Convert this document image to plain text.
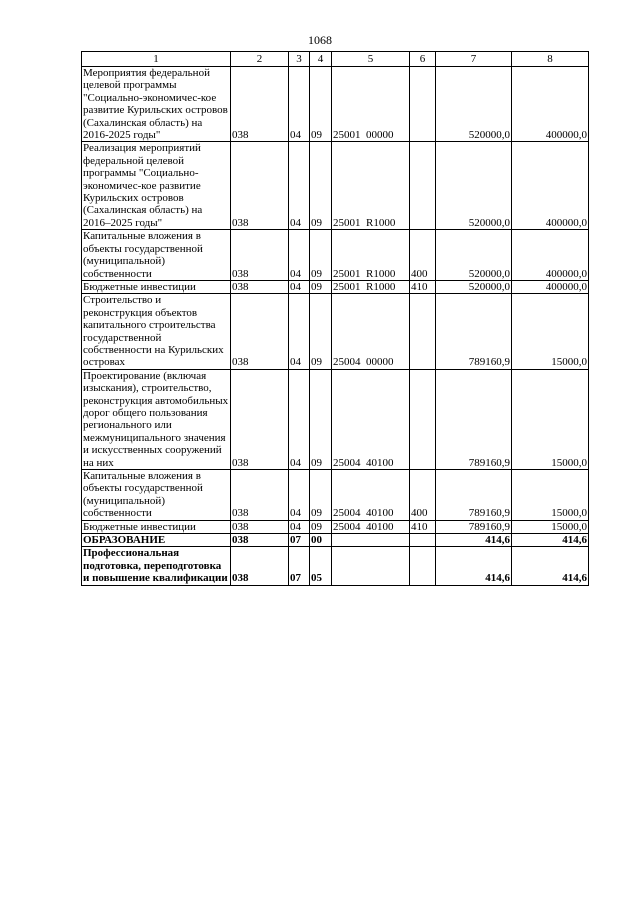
1068
1	2	3	4	5	6	7	8
Мероприятия федеральной целевой программы "Социально-экономичес-кое развитие Курильских островов (Сахалинская область) на 2016-2025 годы"	038	04	09	25001  00000		520000,0	400000,0
Реализация мероприятий федеральной целевой программы "Социально-экономичес-кое развитие Курильских островов (Сахалинская область) на 2016–2025 годы"	038	04	09	25001  R1000		520000,0	400000,0
Капитальные вложения в объекты государственной (муниципальной) собственности	038	04	09	25001  R1000	400	520000,0	400000,0
Бюджетные инвестиции	038	04	09	25001  R1000	410	520000,0	400000,0
Строительство и реконструкция объектов капитального строительства государственной собственности на Курильских островах	038	04	09	25004  00000		789160,9	15000,0
Проектирование (включая изыскания), строительство, реконструкция автомобильных дорог общего пользования регионального или межмуниципального значения и искусственных сооружений на них	038	04	09	25004  40100		789160,9	15000,0
Капитальные вложения в объекты государственной (муниципальной) собственности	038	04	09	25004  40100	400	789160,9	15000,0
Бюджетные инвестиции	038	04	09	25004  40100	410	789160,9	15000,0
ОБРАЗОВАНИЕ	038	07	00			414,6	414,6
Профессиональная подготовка, переподготовка и повышение квалификации	038	07	05			414,6	414,6
